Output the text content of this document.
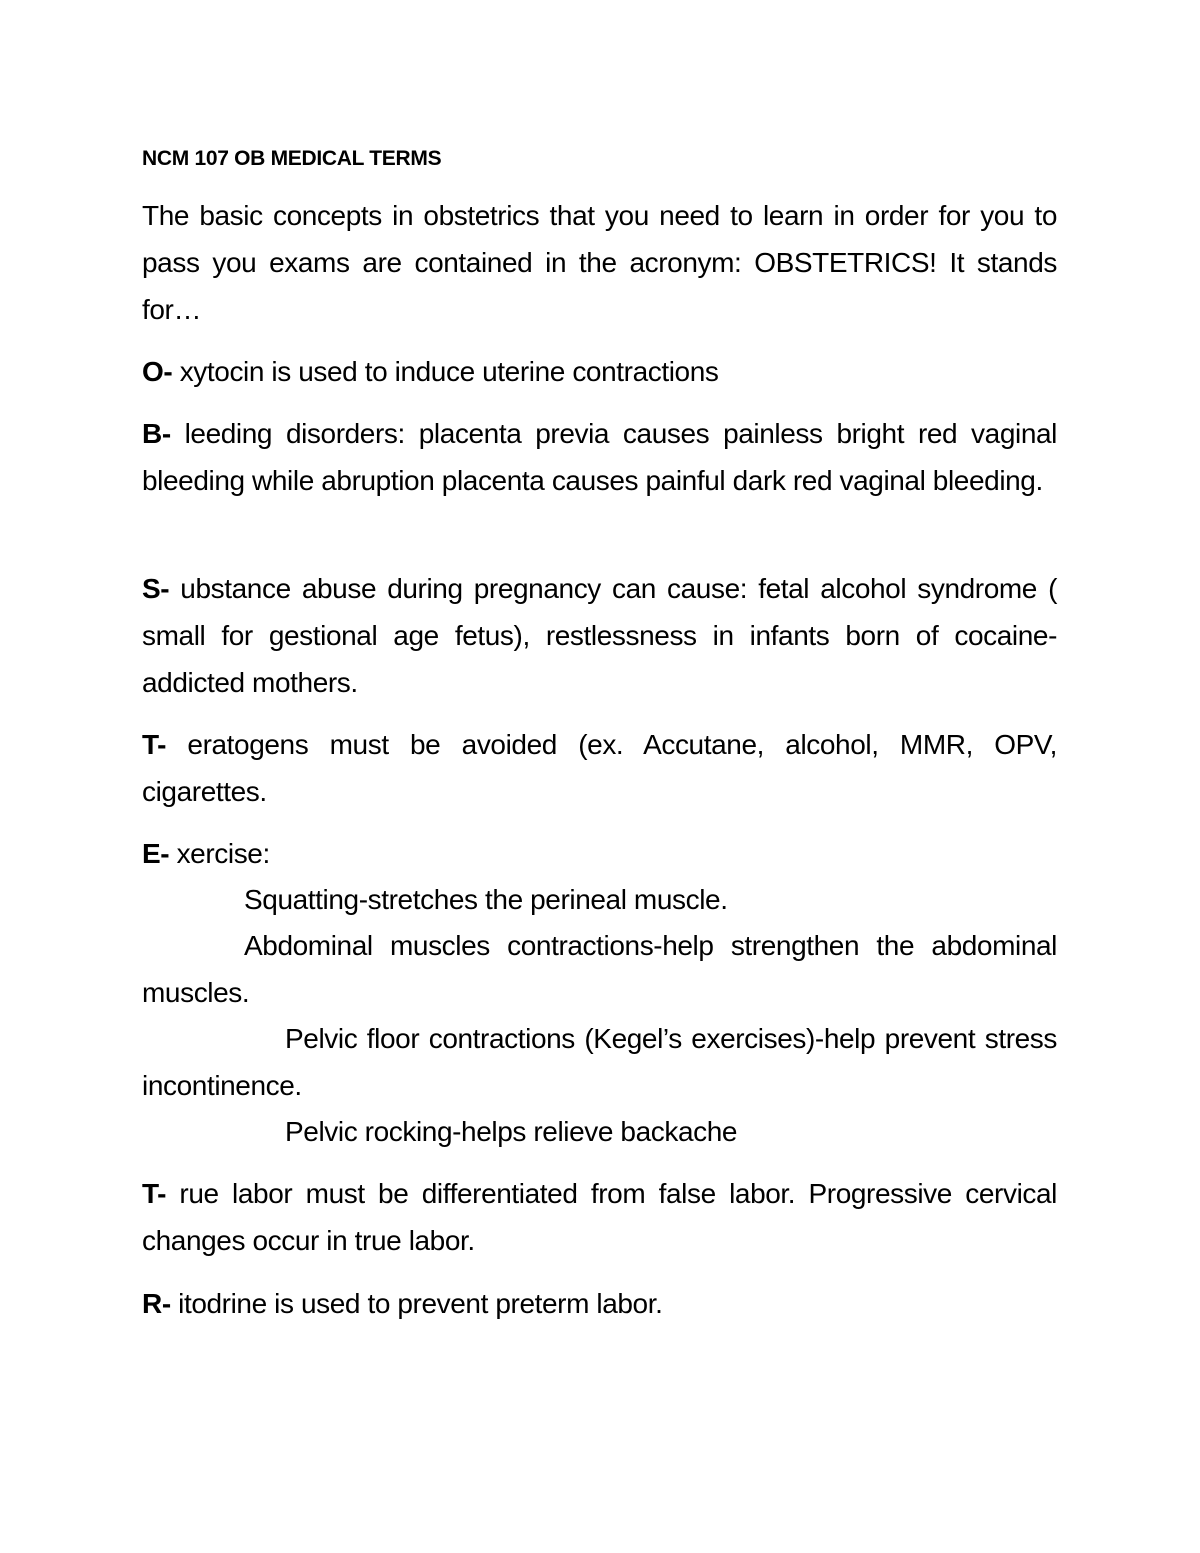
NCM 107 OB MEDICAL TERMS

The basic concepts in obstetrics that you need to learn in order for you to pass you exams are contained in the acronym: OBSTETRICS! It stands for…

O- xytocin is used to induce uterine contractions

B- leeding disorders: placenta previa causes painless bright red vaginal bleeding while abruption placenta causes painful dark red vaginal bleeding.

S- ubstance abuse during pregnancy can cause: fetal alcohol syndrome ( small for gestional age fetus), restlessness in infants born of cocaine-addicted mothers.

T- eratogens must be avoided (ex. Accutane, alcohol, MMR, OPV, cigarettes.

E- xercise:

Squatting-stretches the perineal muscle.

Abdominal muscles contractions-help strengthen the abdominal muscles.

Pelvic floor contractions (Kegel’s exercises)-help prevent stress incontinence.

Pelvic rocking-helps relieve backache

T- rue labor must be differentiated from false labor. Progressive cervical changes occur in true labor.

R- itodrine is used to prevent preterm labor.
